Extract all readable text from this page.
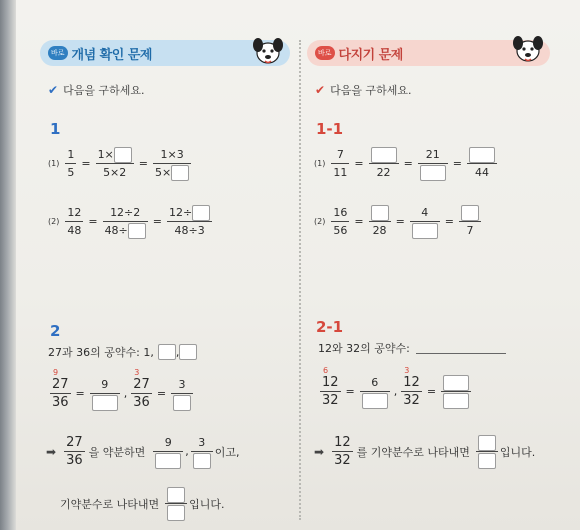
바로 개념 확인 문제
✔ 다음을 구하세요.
1
$(1) \frac{1}{5} = \frac{1\times}{5\times 2} = \frac{1\times 3}{5\times}$
$(2) \frac{12}{48} = \frac{12\div 2}{48\div} = \frac{12\div}{48\div 3}$
2
27과 36의 공약수: 1, ,
9
27
36
=
9
,
3
27
36
=
3
➡ $\frac{27}{36}$ 을 약분하면
9
,
3
이고,
기약분수로 나타내면	입니다.
바로 다지기 문제
✔ 다음을 구하세요.
1-1
$(1) \frac{7}{11}$ =
22
=
21
=
44
$(2) \frac{16}{56}$ =
28
=
4
=
7
2-1
12와 32의 공약수:
6
12
32
=
6
,
3
12
32
=
➡ $\frac{12}{32}$ 를 기약분수로 나타내면	입니다.
